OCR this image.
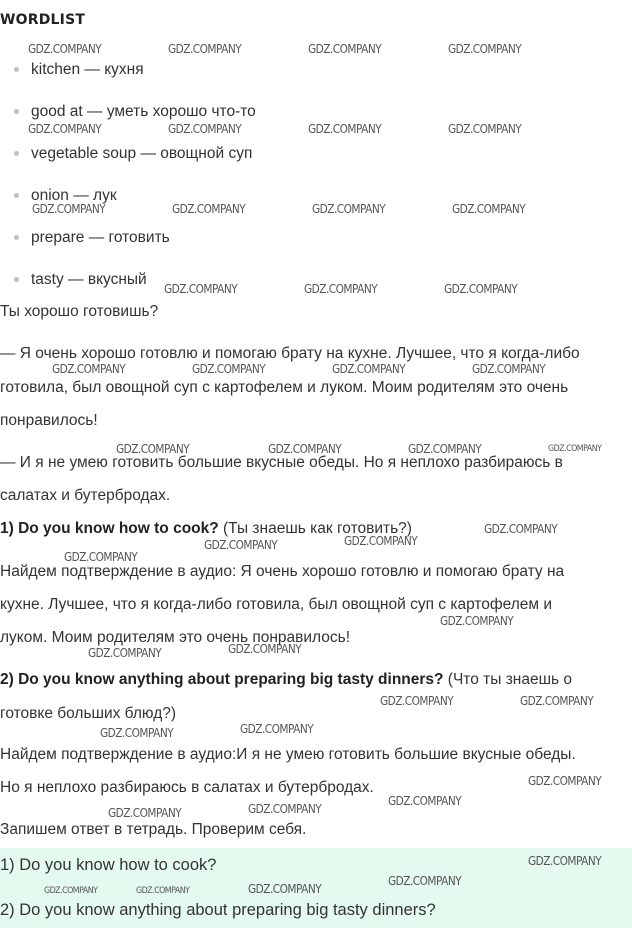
WORDLIST
kitchen — кухня
good at — уметь хорошо что-то
vegetable soup — овощной суп
onion — лук
prepare — готовить
tasty — вкусный
Ты хорошо готовишь?
— Я очень хорошо готовлю и помогаю брату на кухне. Лучшее, что я когда-либо
готовила, был овощной суп с картофелем и луком. Моим родителям это очень
понравилось!
— И я не умею готовить большие вкусные обеды. Но я неплохо разбираюсь в
салатах и бутербродах.
1) Do you know how to cook? (Ты знаешь как готовить?)
Найдем подтверждение в аудио: Я очень хорошо готовлю и помогаю брату на
кухне. Лучшее, что я когда-либо готовила, был овощной суп с картофелем и
луком. Моим родителям это очень понравилось!
2) Do you know anything about preparing big tasty dinners? (Что ты знаешь о
готовке больших блюд?)
Найдем подтверждение в аудио:И я не умею готовить большие вкусные обеды.
Но я неплохо разбираюсь в салатах и бутербродах.
Запишем ответ в тетрадь. Проверим себя.
1) Do you know how to cook?
2) Do you know anything about preparing big tasty dinners?
GDZ.COMPANY	GDZ.COMPANY	GDZ.COMPANY	GDZ.COMPANY
GDZ.COMPANY	GDZ.COMPANY	GDZ.COMPANY	GDZ.COMPANY
GDZ.COMPANY	GDZ.COMPANY	GDZ.COMPANY	GDZ.COMPANY
GDZ.COMPANY	GDZ.COMPANY	GDZ.COMPANY
GDZ.COMPANY	GDZ.COMPANY	GDZ.COMPANY	GDZ.COMPANY
GDZ.COMPANY	GDZ.COMPANY	GDZ.COMPANY	GDZ.COMPANY
GDZ.COMPANY
GDZ.COMPANY
GDZ.COMPANY
GDZ.COMPANY
GDZ.COMPANY
GDZ.COMPANY
GDZ.COMPANY
GDZ.COMPANY	GDZ.COMPANY
GDZ.COMPANY
GDZ.COMPANY
GDZ.COMPANY
GDZ.COMPANY
GDZ.COMPANY
GDZ.COMPANY
GDZ.COMPANY
GDZ.COMPANY
GDZ.COMPANY
GDZ.COMPANY
GDZ.COMPANY
